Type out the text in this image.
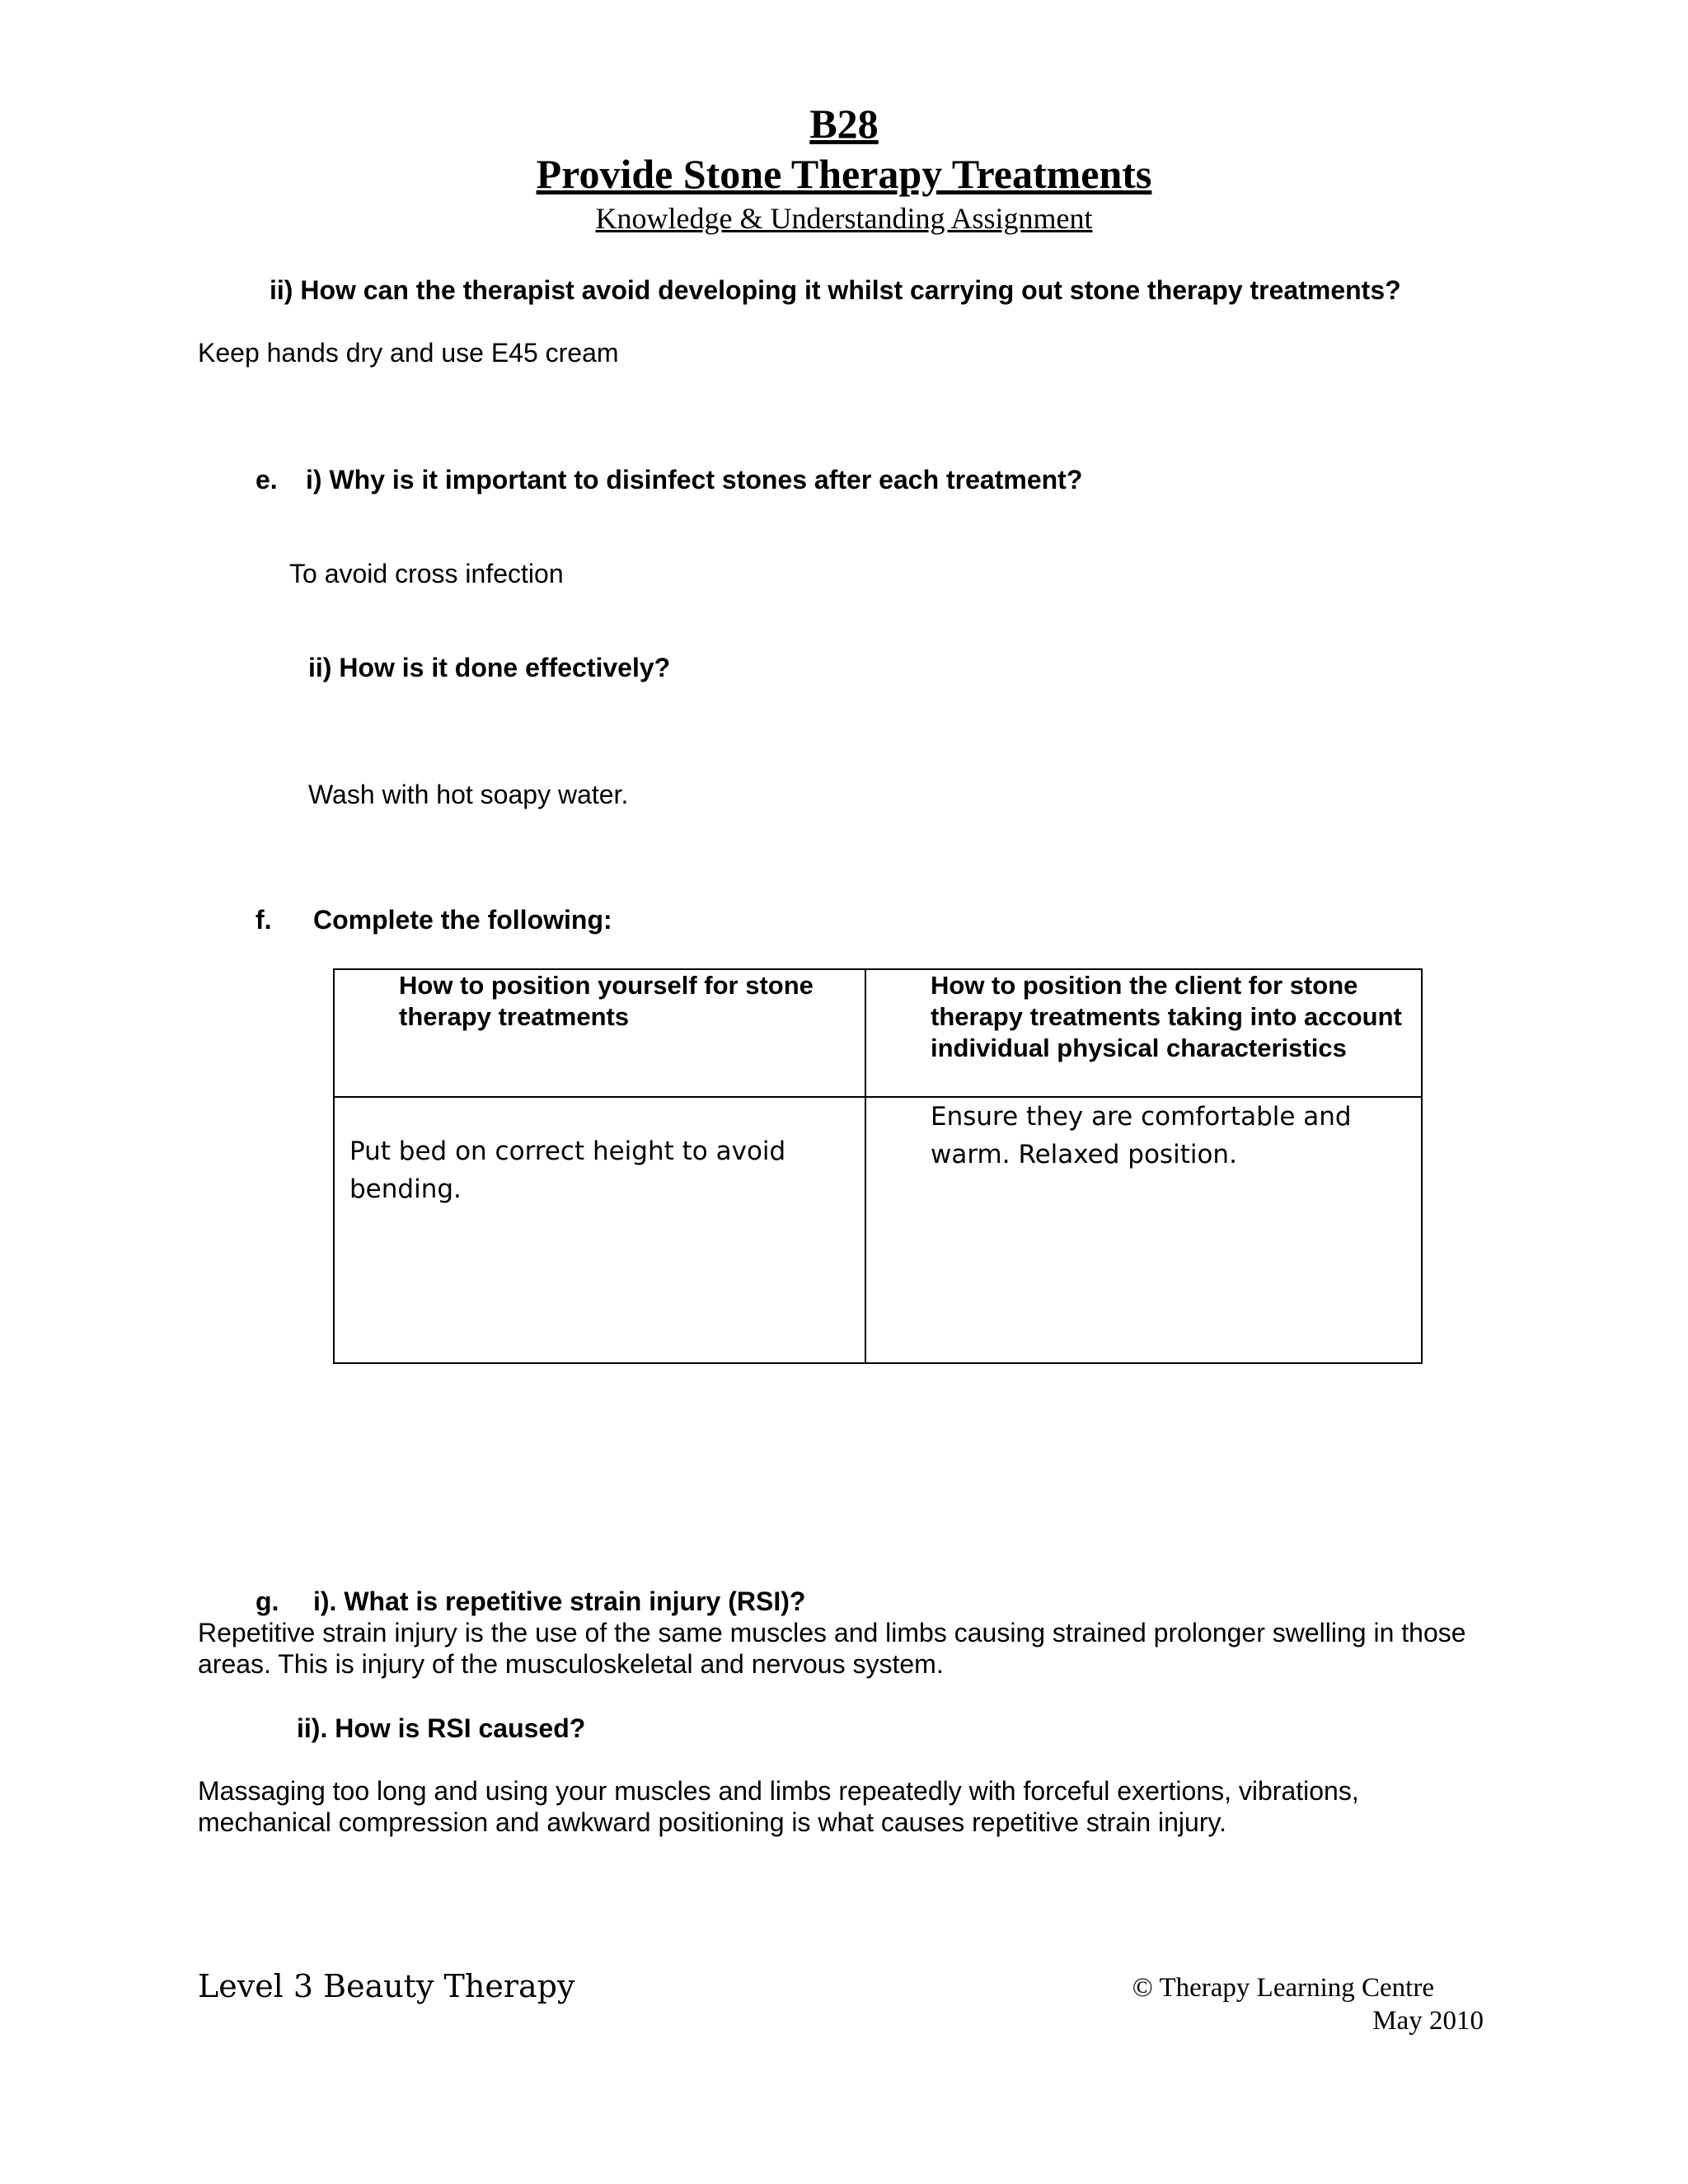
B28
Provide Stone Therapy Treatments
Knowledge & Understanding Assignment
ii) How can the therapist avoid developing it whilst carrying out stone therapy treatments?
Keep hands dry and use E45 cream
e. i) Why is it important to disinfect stones after each treatment?
To avoid cross infection
ii) How is it done effectively?
Wash with hot soapy water.
f. Complete the following:
How to position yourself for stone therapy treatments	How to position the client for stone therapy treatments taking into account individual physical characteristics

Put bed on correct height to avoid bending.	Ensure they are comfortable and warm. Relaxed position.
g. i). What is repetitive strain injury (RSI)?
Repetitive strain injury is the use of the same muscles and limbs causing strained prolonger swelling in those areas. This is injury of the musculoskeletal and nervous system.
ii). How is RSI caused?
Massaging too long and using your muscles and limbs repeatedly with forceful exertions, vibrations, mechanical compression and awkward positioning is what causes repetitive strain injury.
Level 3 Beauty Therapy	© Therapy Learning Centre
May 2010
